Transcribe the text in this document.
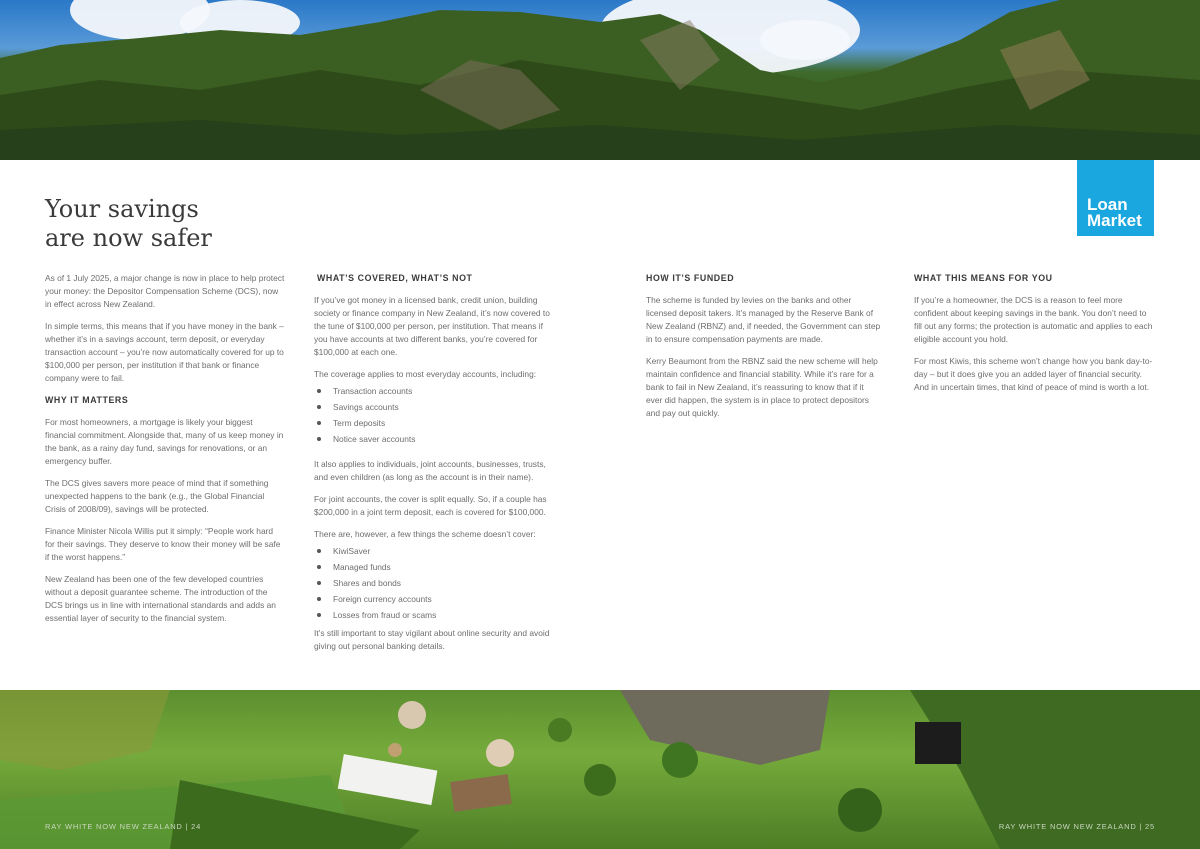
Loan
Market
Your savings
are now safer

As of 1 July 2025, a major change is now in place to help protect your money: the Depositor Compensation Scheme (DCS), now in effect across New Zealand.

In simple terms, this means that if you have money in the bank – whether it’s in a savings account, term deposit, or everyday transaction account – you’re now automatically covered for up to $100,000 per person, per institution if that bank or finance company were to fail.

WHY IT MATTERS

For most homeowners, a mortgage is likely your biggest financial commitment. Alongside that, many of us keep money in the bank, as a rainy day fund, savings for renovations, or an emergency buffer.

The DCS gives savers more peace of mind that if something unexpected happens to the bank (e.g., the Global Financial Crisis of 2008/09), savings will be protected.

Finance Minister Nicola Willis put it simply: “People work hard for their savings. They deserve to know their money will be safe if the worst happens.”

New Zealand has been one of the few developed countries without a deposit guarantee scheme. The introduction of the DCS brings us in line with international standards and adds an essential layer of security to the financial system.

WHAT’S COVERED, WHAT’S NOT

If you’ve got money in a licensed bank, credit union, building society or finance company in New Zealand, it’s now covered to the tune of $100,000 per person, per institution. That means if you have accounts at two different banks, you’re covered for $100,000 at each one.

The coverage applies to most everyday accounts, including:

Transaction accounts
Savings accounts
Term deposits
Notice saver accounts

It also applies to individuals, joint accounts, businesses, trusts, and even children (as long as the account is in their name).

For joint accounts, the cover is split equally. So, if a couple has $200,000 in a joint term deposit, each is covered for $100,000.

There are, however, a few things the scheme doesn’t cover:

KiwiSaver
Managed funds
Shares and bonds
Foreign currency accounts
Losses from fraud or scams

It’s still important to stay vigilant about online security and avoid giving out personal banking details.

HOW IT’S FUNDED

The scheme is funded by levies on the banks and other licensed deposit takers. It’s managed by the Reserve Bank of New Zealand (RBNZ) and, if needed, the Government can step in to ensure compensation payments are made.

Kerry Beaumont from the RBNZ said the new scheme will help maintain confidence and financial stability. While it’s rare for a bank to fail in New Zealand, it’s reassuring to know that if it ever did happen, the system is in place to protect depositors and pay out quickly.

WHAT THIS MEANS FOR YOU

If you’re a homeowner, the DCS is a reason to feel more confident about keeping savings in the bank. You don’t need to fill out any forms; the protection is automatic and applies to each eligible account you hold.

For most Kiwis, this scheme won’t change how you bank day-to-day – but it does give you an added layer of financial security. And in uncertain times, that kind of peace of mind is worth a lot.

RAY WHITE NOW NEW ZEALAND | 24	RAY WHITE NOW NEW ZEALAND | 25
